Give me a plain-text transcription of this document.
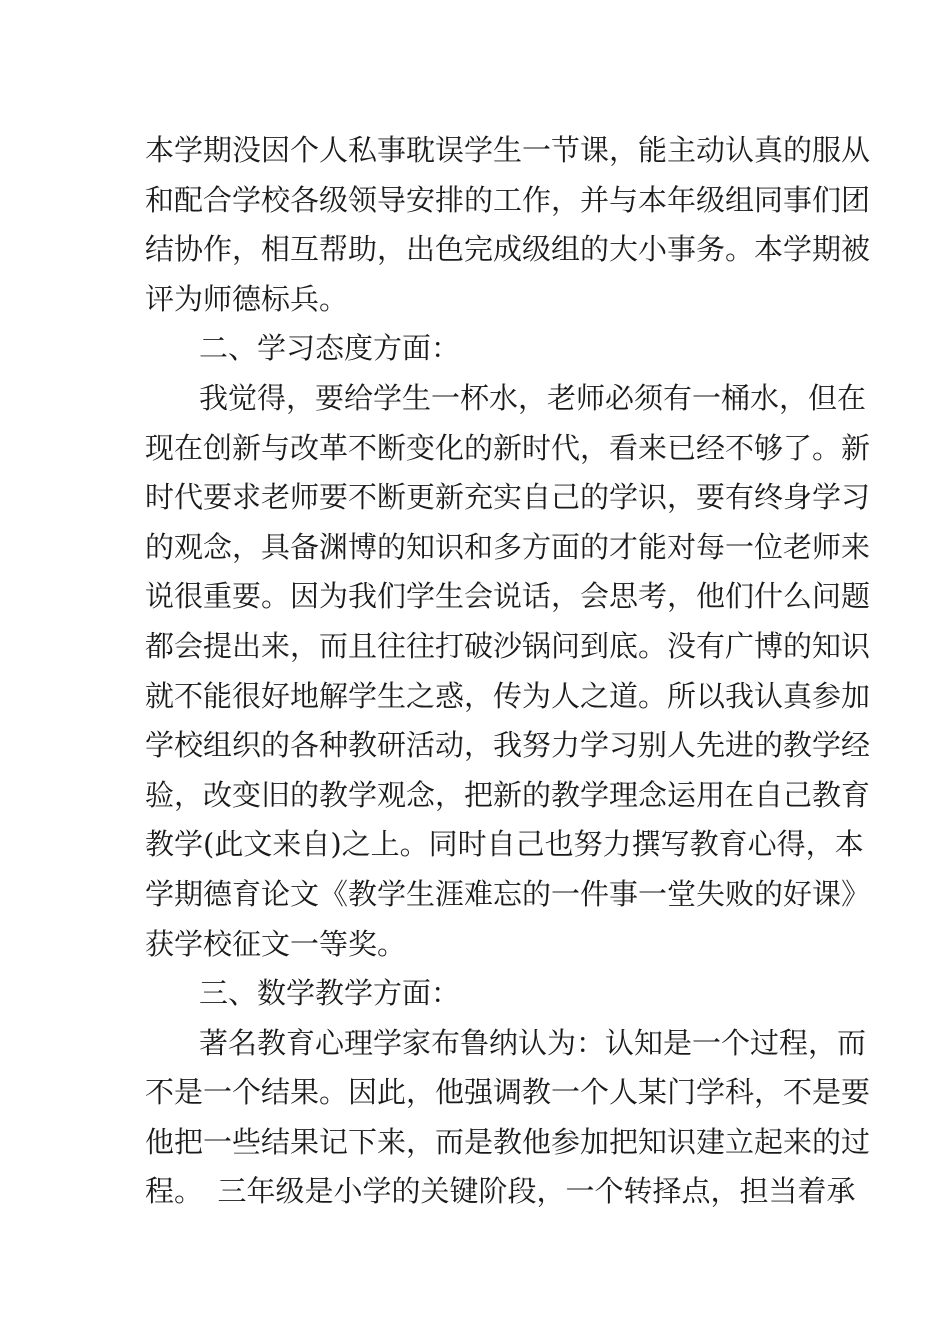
本学期没因个人私事耽误学生一节课，能主动认真的服从
和配合学校各级领导安排的工作，并与本年级组同事们团
结协作，相互帮助，出色完成级组的大小事务。本学期被
评为师德标兵。
二、学习态度方面：
我觉得，要给学生一杯水，老师必须有一桶水，但在
现在创新与改革不断变化的新时代，看来已经不够了。新
时代要求老师要不断更新充实自己的学识，要有终身学习
的观念，具备渊博的知识和多方面的才能对每一位老师来
说很重要。因为我们学生会说话，会思考，他们什么问题
都会提出来，而且往往打破沙锅问到底。没有广博的知识
就不能很好地解学生之惑，传为人之道。所以我认真参加
学校组织的各种教研活动，我努力学习别人先进的教学经
验，改变旧的教学观念，把新的教学理念运用在自己教育
教学(此文来自)之上。同时自己也努力撰写教育心得，本
学期德育论文《教学生涯难忘的一件事一堂失败的好课》
获学校征文一等奖。
三、数学教学方面：
著名教育心理学家布鲁纳认为：认知是一个过程，而
不是一个结果。因此，他强调教一个人某门学科，不是要
他把一些结果记下来，而是教他参加把知识建立起来的过
程。　三年级是小学的关键阶段，一个转择点，担当着承
